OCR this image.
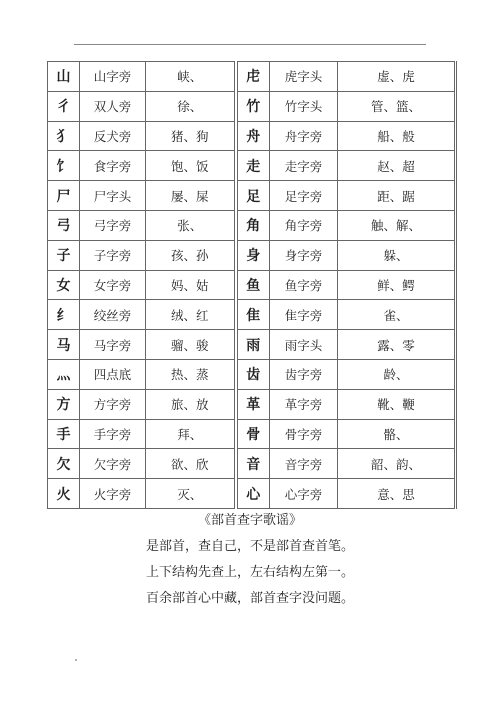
山	山字旁	峡、	虍	虎字头	虚、虎
彳	双人旁	徐、	竹	竹字头	管、篮、
犭	反犬旁	猪、狗	舟	舟字旁	船、般
饣	食字旁	饱、饭	走	走字旁	赵、超
尸	尸字头	屡、屎	足	足字旁	距、踞
弓	弓字旁	张、	角	角字旁	触、解、
子	子字旁	孩、孙	身	身字旁	躲、
女	女字旁	妈、姑	鱼	鱼字旁	鲜、鳄
纟	绞丝旁	绒、红	隹	隹字旁	雀、
马	马字旁	骝、骏	雨	雨字头	露、零
灬	四点底	热、蒸	齿	齿字旁	龄、
方	方字旁	旅、放	革	革字旁	靴、鞭
手	手字旁	拜、	骨	骨字旁	骼、
欠	欠字旁	欲、欣	音	音字旁	韶、韵、
火	火字旁	灭、	心	心字旁	意、思
《部首查字歌谣》
是部首，查自己，不是部首查首笔。
上下结构先查上，左右结构左第一。
百余部首心中藏，部首查字没问题。
